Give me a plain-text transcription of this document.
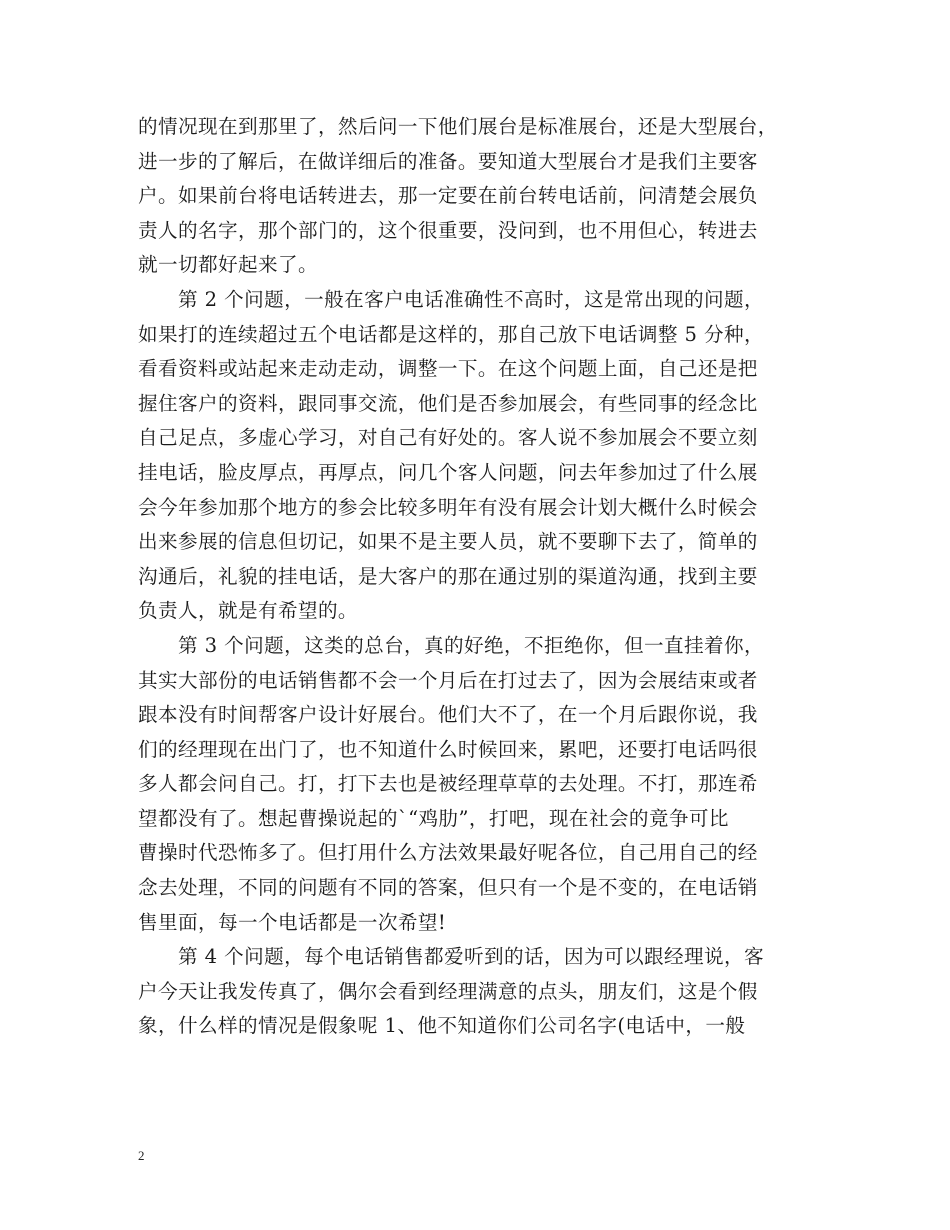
的情况现在到那里了，然后问一下他们展台是标准展台，还是大型展台，
进一步的了解后，在做详细后的准备。要知道大型展台才是我们主要客
户。如果前台将电话转进去，那一定要在前台转电话前，问清楚会展负
责人的名字，那个部门的，这个很重要，没问到，也不用但心，转进去
就一切都好起来了。

第 2 个问题，一般在客户电话准确性不高时，这是常出现的问题，
如果打的连续超过五个电话都是这样的，那自己放下电话调整 5 分种，
看看资料或站起来走动走动，调整一下。在这个问题上面，自己还是把
握住客户的资料，跟同事交流，他们是否参加展会，有些同事的经念比
自己足点，多虚心学习，对自己有好处的。客人说不参加展会不要立刻
挂电话，脸皮厚点，再厚点，问几个客人问题，问去年参加过了什么展
会今年参加那个地方的参会比较多明年有没有展会计划大概什么时候会
出来参展的信息但切记，如果不是主要人员，就不要聊下去了，简单的
沟通后，礼貌的挂电话，是大客户的那在通过别的渠道沟通，找到主要
负责人，就是有希望的。

第 3 个问题，这类的总台，真的好绝，不拒绝你，但一直挂着你，
其实大部份的电话销售都不会一个月后在打过去了，因为会展结束或者
跟本没有时间帮客户设计好展台。他们大不了，在一个月后跟你说，我
们的经理现在出门了，也不知道什么时候回来，累吧，还要打电话吗很
多人都会问自己。打，打下去也是被经理草草的去处理。不打，那连希
望都没有了。想起曹操说起的`“鸡肋”，打吧，现在社会的竟争可比
曹操时代恐怖多了。但打用什么方法效果最好呢各位，自己用自己的经
念去处理，不同的问题有不同的答案，但只有一个是不变的，在电话销
售里面，每一个电话都是一次希望!

第 4 个问题，每个电话销售都爱听到的话，因为可以跟经理说，客
户今天让我发传真了，偶尔会看到经理满意的点头，朋友们，这是个假
象，什么样的情况是假象呢 1、他不知道你们公司名字(电话中，一般

2
